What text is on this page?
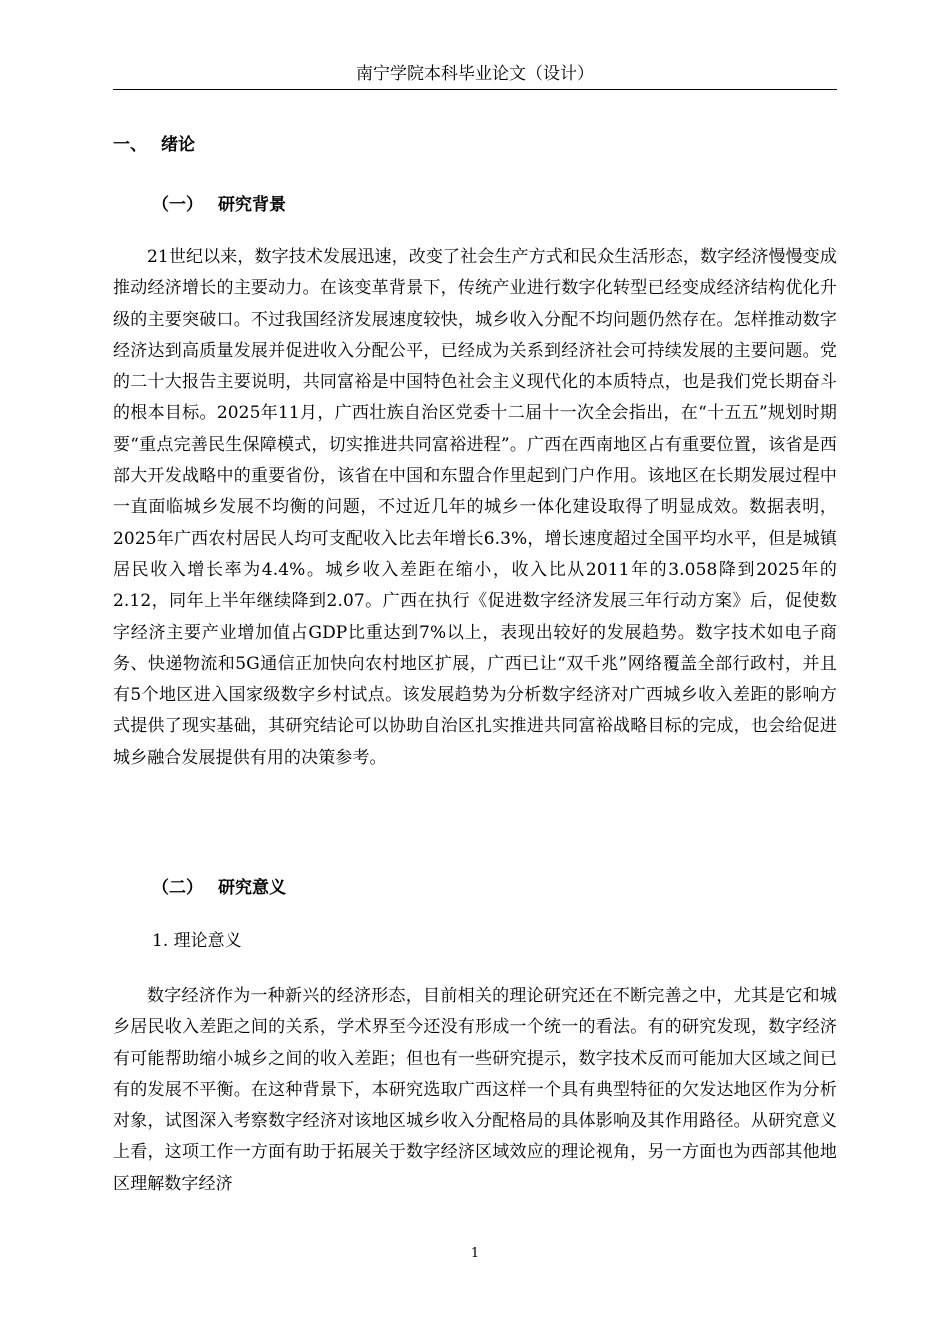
南宁学院本科毕业论文（设计）
一、 绪论
（一） 研究背景
21世纪以来，数字技术发展迅速，改变了社会生产方式和民众生活形态，数字经济慢慢变成推动经济增长的主要动力。在该变革背景下，传统产业进行数字化转型已经变成经济结构优化升级的主要突破口。不过我国经济发展速度较快，城乡收入分配不均问题仍然存在。怎样推动数字经济达到高质量发展并促进收入分配公平，已经成为关系到经济社会可持续发展的主要问题。党的二十大报告主要说明，共同富裕是中国特色社会主义现代化的本质特点，也是我们党长期奋斗的根本目标。2025年11月，广西壮族自治区党委十二届十一次全会指出，在“十五五”规划时期要“重点完善民生保障模式，切实推进共同富裕进程”。广西在西南地区占有重要位置，该省是西部大开发战略中的重要省份，该省在中国和东盟合作里起到门户作用。该地区在长期发展过程中一直面临城乡发展不均衡的问题，不过近几年的城乡一体化建设取得了明显成效。数据表明，2025年广西农村居民人均可支配收入比去年增长6.3%，增长速度超过全国平均水平，但是城镇居民收入增长率为4.4%。城乡收入差距在缩小，收入比从2011年的3.058降到2025年的2.12，同年上半年继续降到2.07。广西在执行《促进数字经济发展三年行动方案》后，促使数字经济主要产业增加值占GDP比重达到7%以上，表现出较好的发展趋势。数字技术如电子商务、快递物流和5G通信正加快向农村地区扩展，广西已让“双千兆”网络覆盖全部行政村，并且有5个地区进入国家级数字乡村试点。该发展趋势为分析数字经济对广西城乡收入差距的影响方式提供了现实基础，其研究结论可以协助自治区扎实推进共同富裕战略目标的完成，也会给促进城乡融合发展提供有用的决策参考。
（二） 研究意义
1. 理论意义
数字经济作为一种新兴的经济形态，目前相关的理论研究还在不断完善之中，尤其是它和城乡居民收入差距之间的关系，学术界至今还没有形成一个统一的看法。有的研究发现，数字经济有可能帮助缩小城乡之间的收入差距；但也有一些研究提示，数字技术反而可能加大区域之间已有的发展不平衡。在这种背景下，本研究选取广西这样一个具有典型特征的欠发达地区作为分析对象，试图深入考察数字经济对该地区城乡收入分配格局的具体影响及其作用路径。从研究意义上看，这项工作一方面有助于拓展关于数字经济区域效应的理论视角，另一方面也为西部其他地区理解数字经济
1
